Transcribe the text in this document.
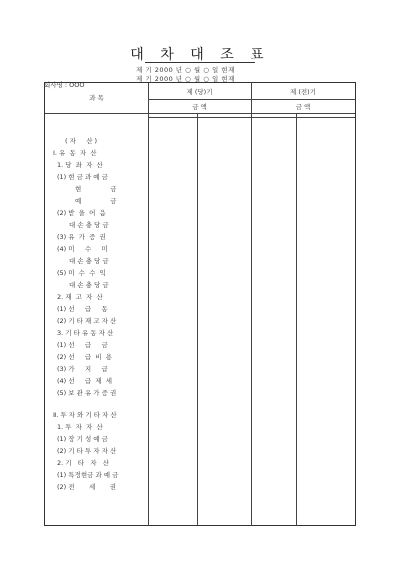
대 차 대 조 표
제 기 2000 년 ○ 월 ○ 일 현재
제 기 2000 년 ○ 월 ○ 일 현재
회사명 : OOO
과 목
제 (당)기	제 (전)기
금 액	금 액
( 자     산 )
Ⅰ. 유  동  자  산
1. 당  좌  자  산
(1) 현 금 과 예 금
현              금
예              금
(2) 받  을  어  음
대 손 충 당 금
(3) 유  가  증  권
(4) 미     수     미
대 손 충 당 금
(5) 미  수  수  익
대 손 충 당 금
2. 재  고  자  산
(1) 선     급     동
(2) 기 타 재 고 자 산
3. 기 타 유 동 자 산
(1) 선     급     금
(2) 선     급  비  용
(3) 가     지     급
(4) 선     급  제  세
(5) 보 관 유 가 증 권
Ⅱ. 투 자 와 기 타 자 산
1. 투  자  자  산
(1) 장 기 성 예 금
(2) 기 타 투 자 자 산
2. 기   타   자   산
(1) 특정현금 과 예 금
(2) 전       세       권
